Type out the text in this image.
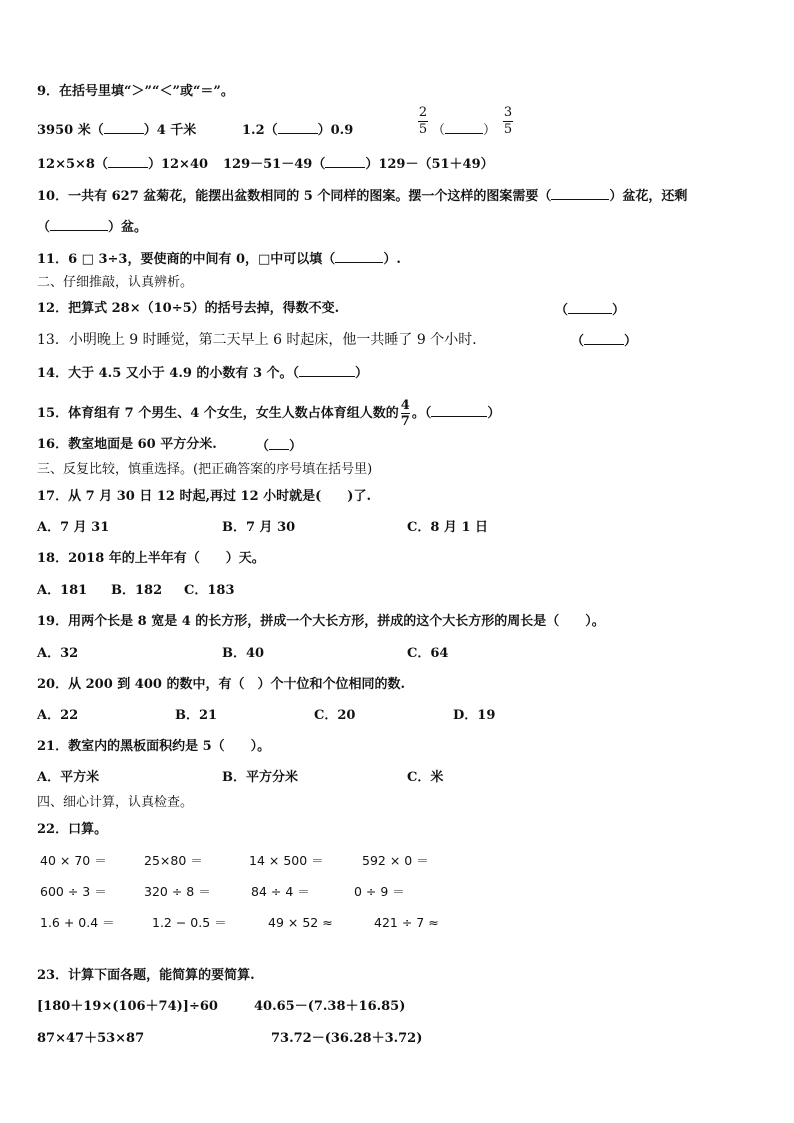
9．在括号里填“＞”“＜”或“＝”。
3950 米（	）4 千米	1.2（	）0.9
2
5 （	）
3
5
12×5×8（	）12×40 129－51－49（	）129－（51＋49）
10．一共有 627 盆菊花，能摆出盆数相同的 5 个同样的图案。摆一个这样的图案需要（	）盆花，还剩
（	）盆。
11．6 □ 3÷3，要使商的中间有 0，□中可以填（	）.
二、仔细推敲，认真辨析。
12．把算式 28×（10÷5）的括号去掉，得数不变.	（	）
13．小明晚上 9 时睡觉，第二天早上 6 时起床，他一共睡了 9 个小时．	（	）
14．大于 4.5 又小于 4.9 的小数有 3 个。（	）
15．体育组有 7 个男生、4 个女生，女生人数占体育组人数的 $\frac{4}{7}$ 。（	）
16．教室地面是 60 平方分米.	（ ）
三、反复比较，慎重选择。(把正确答案的序号填在括号里)
17．从 7 月 30 日 12 时起,再过 12 小时就是(　　)了.
A．7 月 31	B．7 月 30	C．8 月 1 日
18．2018 年的上半年有（　　）天。
A．181 B．182 C．183
19．用两个长是 8 宽是 4 的长方形，拼成一个大长方形，拼成的这个大长方形的周长是（　　）。
A．32	B．40	C．64
20．从 200 到 400 的数中，有（　）个十位和个位相同的数.
A．22	B．21	C．20	D．19
21．教室内的黑板面积约是 5（　　）。
A．平方米	B．平方分米	C．米
四、细心计算，认真检查。
22．口算。
40 × 70 ＝	25×80 ＝	14 × 500 ＝	592 × 0 ＝
600 ÷ 3 ＝	320 ÷ 8 ＝	84 ÷ 4 ＝	0 ÷ 9 ＝
1.6 + 0.4 ＝	1.2 − 0.5 ＝	49 × 52 ≈	421 ÷ 7 ≈
23．计算下面各题，能简算的要简算.
[180＋19×(106＋74)]÷60	40.65－(7.38＋16.85)
87×47＋53×87	73.72－(36.28＋3.72)
